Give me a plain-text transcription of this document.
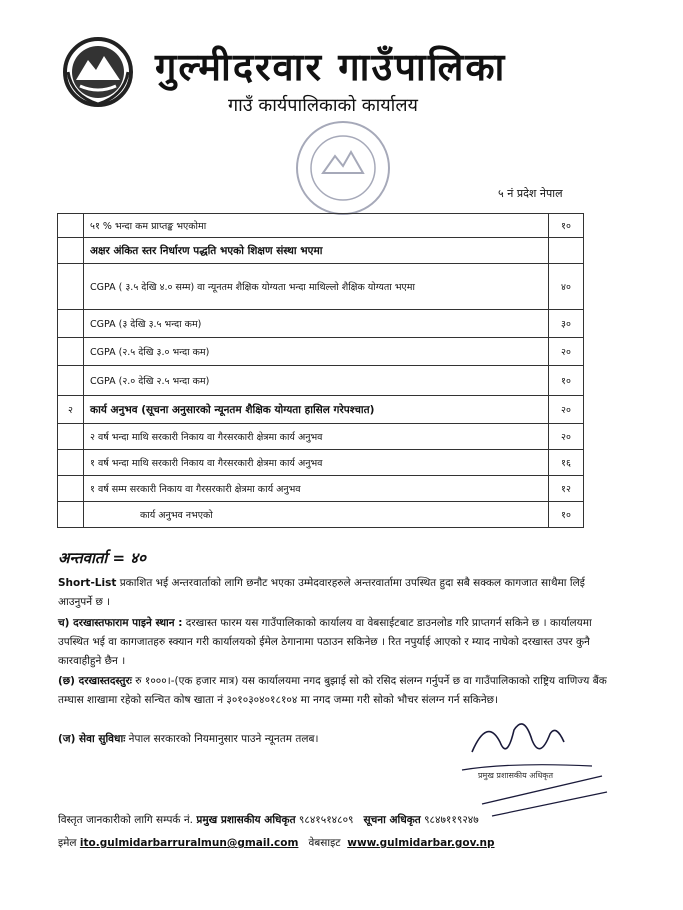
गुल्मीदरवार गाउँपालिका
गाउँ कार्यपालिकाको कार्यालय
५ नं प्रदेश नेपाल
	५१ % भन्दा कम प्राप्तङ्क भएकोमा	१०
	अक्षर अंकित स्तर निर्धारण पद्धति भएको शिक्षण संस्था भएमा	
	CGPA ( ३.५ देखि ४.० सम्म) वा न्यूनतम शैक्षिक योग्यता भन्दा माथिल्लो शैक्षिक योग्यता भएमा	४०
	CGPA (३ देखि ३.५ भन्दा कम)	३०
	CGPA (२.५ देखि ३.० भन्दा कम)	२०
	CGPA (२.० देखि २.५ भन्दा कम)	१०
२	कार्य अनुभव (सूचना अनुसारको न्यूनतम शैक्षिक योग्यता हासिल गरेपश्चात)	२०
	२ वर्ष भन्दा माथि सरकारी निकाय वा गैरसरकारी क्षेत्रमा कार्य अनुभव	२०
	१ वर्ष भन्दा माथि सरकारी निकाय वा गैरसरकारी क्षेत्रमा कार्य अनुभव	१६
	१ वर्ष सम्म सरकारी निकाय वा गैरसरकारी क्षेत्रमा कार्य अनुभव	१२
	कार्य अनुभव नभएको	१०
अन्तवार्ता = ४०
Short-List प्रकाशित भई अन्तरवार्ताको लागि छनौट भएका उम्मेदवारहरुले अन्तरवार्तामा उपस्थित हुदा सबै सक्कल कागजात साथैमा लिई आउनुपर्ने छ ।
च) दरखास्तफाराम पाइने स्थान : दरखास्त फारम यस गाउँपालिकाको कार्यालय वा वेबसाईटबाट डाउनलोड गरि प्राप्तगर्न सकिने छ । कार्यालयमा उपस्थित भई वा कागजातहरु स्क्यान गरी कार्यालयको ईमेल ठेगानामा पठाउन सकिनेछ । रित नपुर्याई आएको र म्याद नाघेको दरखास्त उपर कुनै कारवाहीहुने छैन ।
(छ) दरखास्तदस्तुरः रु १०००।-(एक हजार मात्र) यस कार्यालयमा नगद बुझाई सो को रसिद संलग्न गर्नुपर्ने छ वा गाउँपालिकाको राष्ट्रिय वाणिज्य बैंक तम्घास शाखामा रहेको सन्चित कोष खाता नं ३०१०३०४०१८१०४ मा नगद जम्मा गरी सोको भौचर संलग्न गर्न सकिनेछ।
(ज) सेवा सुविधाः नेपाल सरकारको नियमानुसार पाउने न्यूनतम तलब।
प्रमुख प्रशासकीय अधिकृत
विस्तृत जानकारीको लागि सम्पर्क नं. प्रमुख प्रशासकीय अधिकृत ९८४१५१४८०९ सूचना अधिकृत ९८४७११९२४७
इमेल ito.gulmidarbarruralmun@gmail.com वेबसाइट www.gulmidarbar.gov.np
